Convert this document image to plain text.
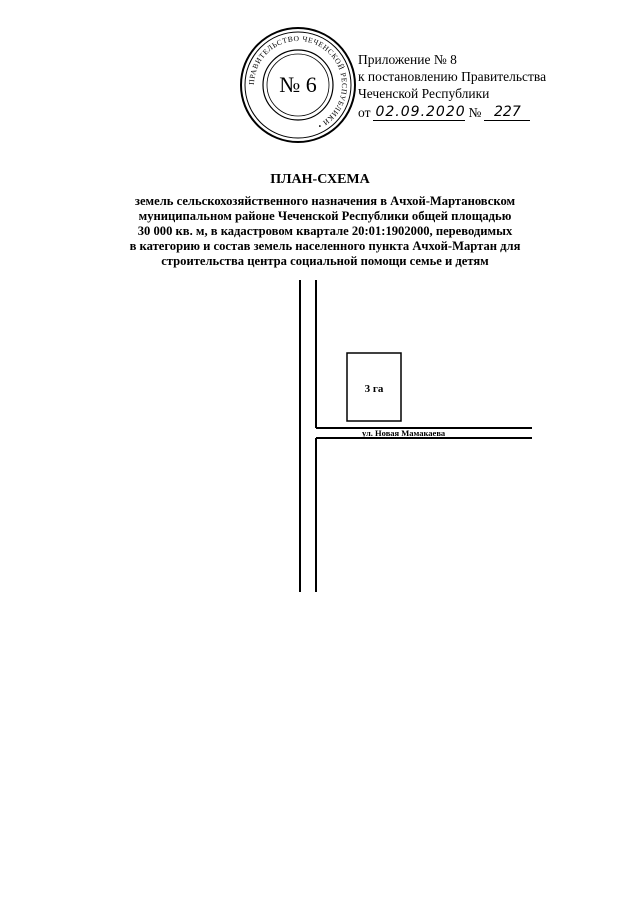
ПРАВИТЕЛЬСТВО ЧЕЧЕНСКОЙ РЕСПУБЛИКИ •
№ 6
Приложение № 8
к постановлению Правительства
Чеченской Республики
от 02.09.2020 № 227
ПЛАН-СХЕМА
земель сельскохозяйственного назначения в Ачхой-Мартановском
муниципальном районе Чеченской Республики общей площадью
30 000 кв. м, в кадастровом квартале 20:01:1902000, переводимых
в категорию и состав земель населенного пункта Ачхой-Мартан для
строительства центра социальной помощи семье и детям
3 га
ул. Новая Мамакаева
